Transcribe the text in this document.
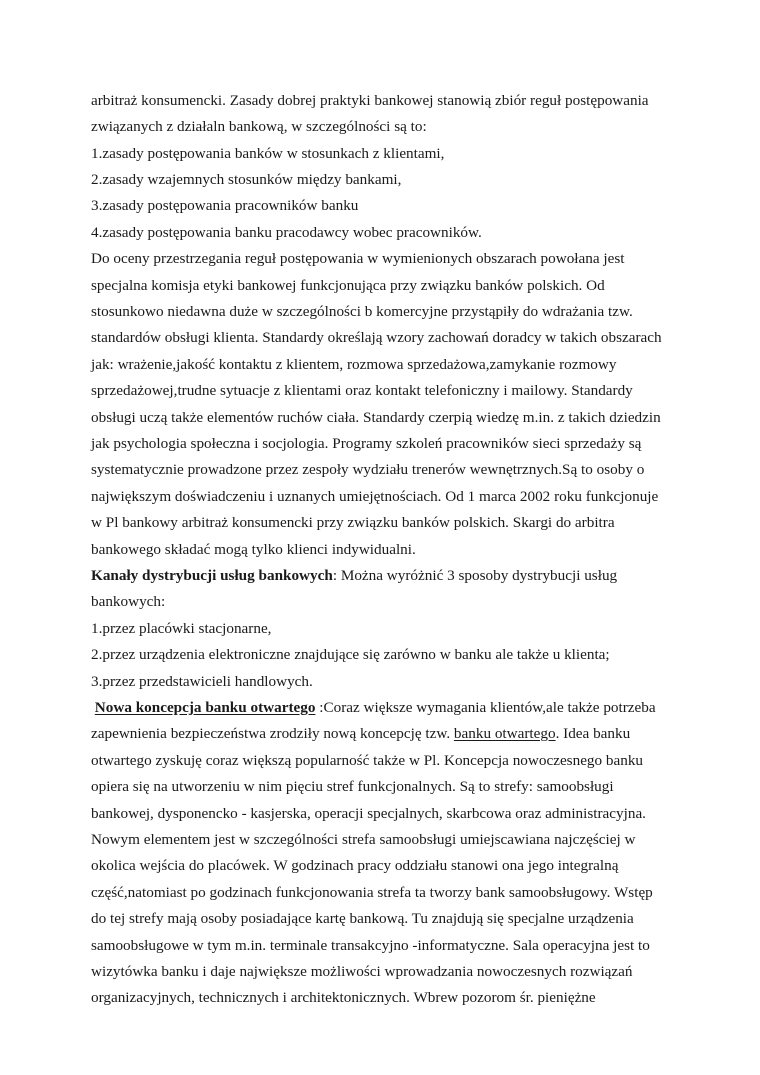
arbitraż konsumencki. Zasady dobrej praktyki bankowej stanowią zbiór reguł postępowania
związanych z działaln bankową, w szczególności są to:
1.zasady postępowania banków w stosunkach z klientami,
2.zasady wzajemnych stosunków między bankami,
3.zasady postępowania pracowników banku
4.zasady postępowania banku pracodawcy wobec pracowników.
Do oceny przestrzegania reguł postępowania w wymienionych obszarach powołana jest
specjalna komisja etyki bankowej funkcjonująca przy związku banków polskich. Od
stosunkowo niedawna duże w szczególności b komercyjne przystąpiły do wdrażania tzw.
standardów obsługi klienta. Standardy określają wzory zachowań doradcy w takich obszarach
jak: wrażenie,jakość kontaktu z klientem, rozmowa sprzedażowa,zamykanie rozmowy
sprzedażowej,trudne sytuacje z klientami oraz kontakt telefoniczny i mailowy. Standardy
obsługi uczą także elementów ruchów ciała. Standardy czerpią wiedzę m.in. z takich dziedzin
jak psychologia społeczna i socjologia. Programy szkoleń pracowników sieci sprzedaży są
systematycznie prowadzone przez zespoły wydziału trenerów wewnętrznych.Są to osoby o
największym doświadczeniu i uznanych umiejętnościach. Od 1 marca 2002 roku funkcjonuje
w Pl bankowy arbitraż konsumencki przy związku banków polskich. Skargi do arbitra
bankowego składać mogą tylko klienci indywidualni.
Kanały dystrybucji usług bankowych: Można wyróżnić 3 sposoby dystrybucji usług
bankowych:
1.przez placówki stacjonarne,
2.przez urządzenia elektroniczne znajdujące się zarówno w banku ale także u klienta;
3.przez przedstawicieli handlowych.
Nowa koncepcja banku otwartego :Coraz większe wymagania klientów,ale także potrzeba
zapewnienia bezpieczeństwa zrodziły nową koncepcję tzw. banku otwartego. Idea banku
otwartego zyskuję coraz większą popularność także w Pl. Koncepcja nowoczesnego banku
opiera się na utworzeniu w nim pięciu stref funkcjonalnych. Są to strefy: samoobsługi
bankowej, dysponencko - kasjerska, operacji specjalnych, skarbcowa oraz administracyjna.
Nowym elementem jest w szczególności strefa samoobsługi umiejscawiana najczęściej w
okolica wejścia do placówek. W godzinach pracy oddziału stanowi ona jego integralną
część,natomiast po godzinach funkcjonowania strefa ta tworzy bank samoobsługowy. Wstęp
do tej strefy mają osoby posiadające kartę bankową. Tu znajdują się specjalne urządzenia
samoobsługowe w tym m.in. terminale transakcyjno -informatyczne. Sala operacyjna jest to
wizytówka banku i daje największe możliwości wprowadzania nowoczesnych rozwiązań
organizacyjnych, technicznych i architektonicznych. Wbrew pozorom śr. pieniężne
